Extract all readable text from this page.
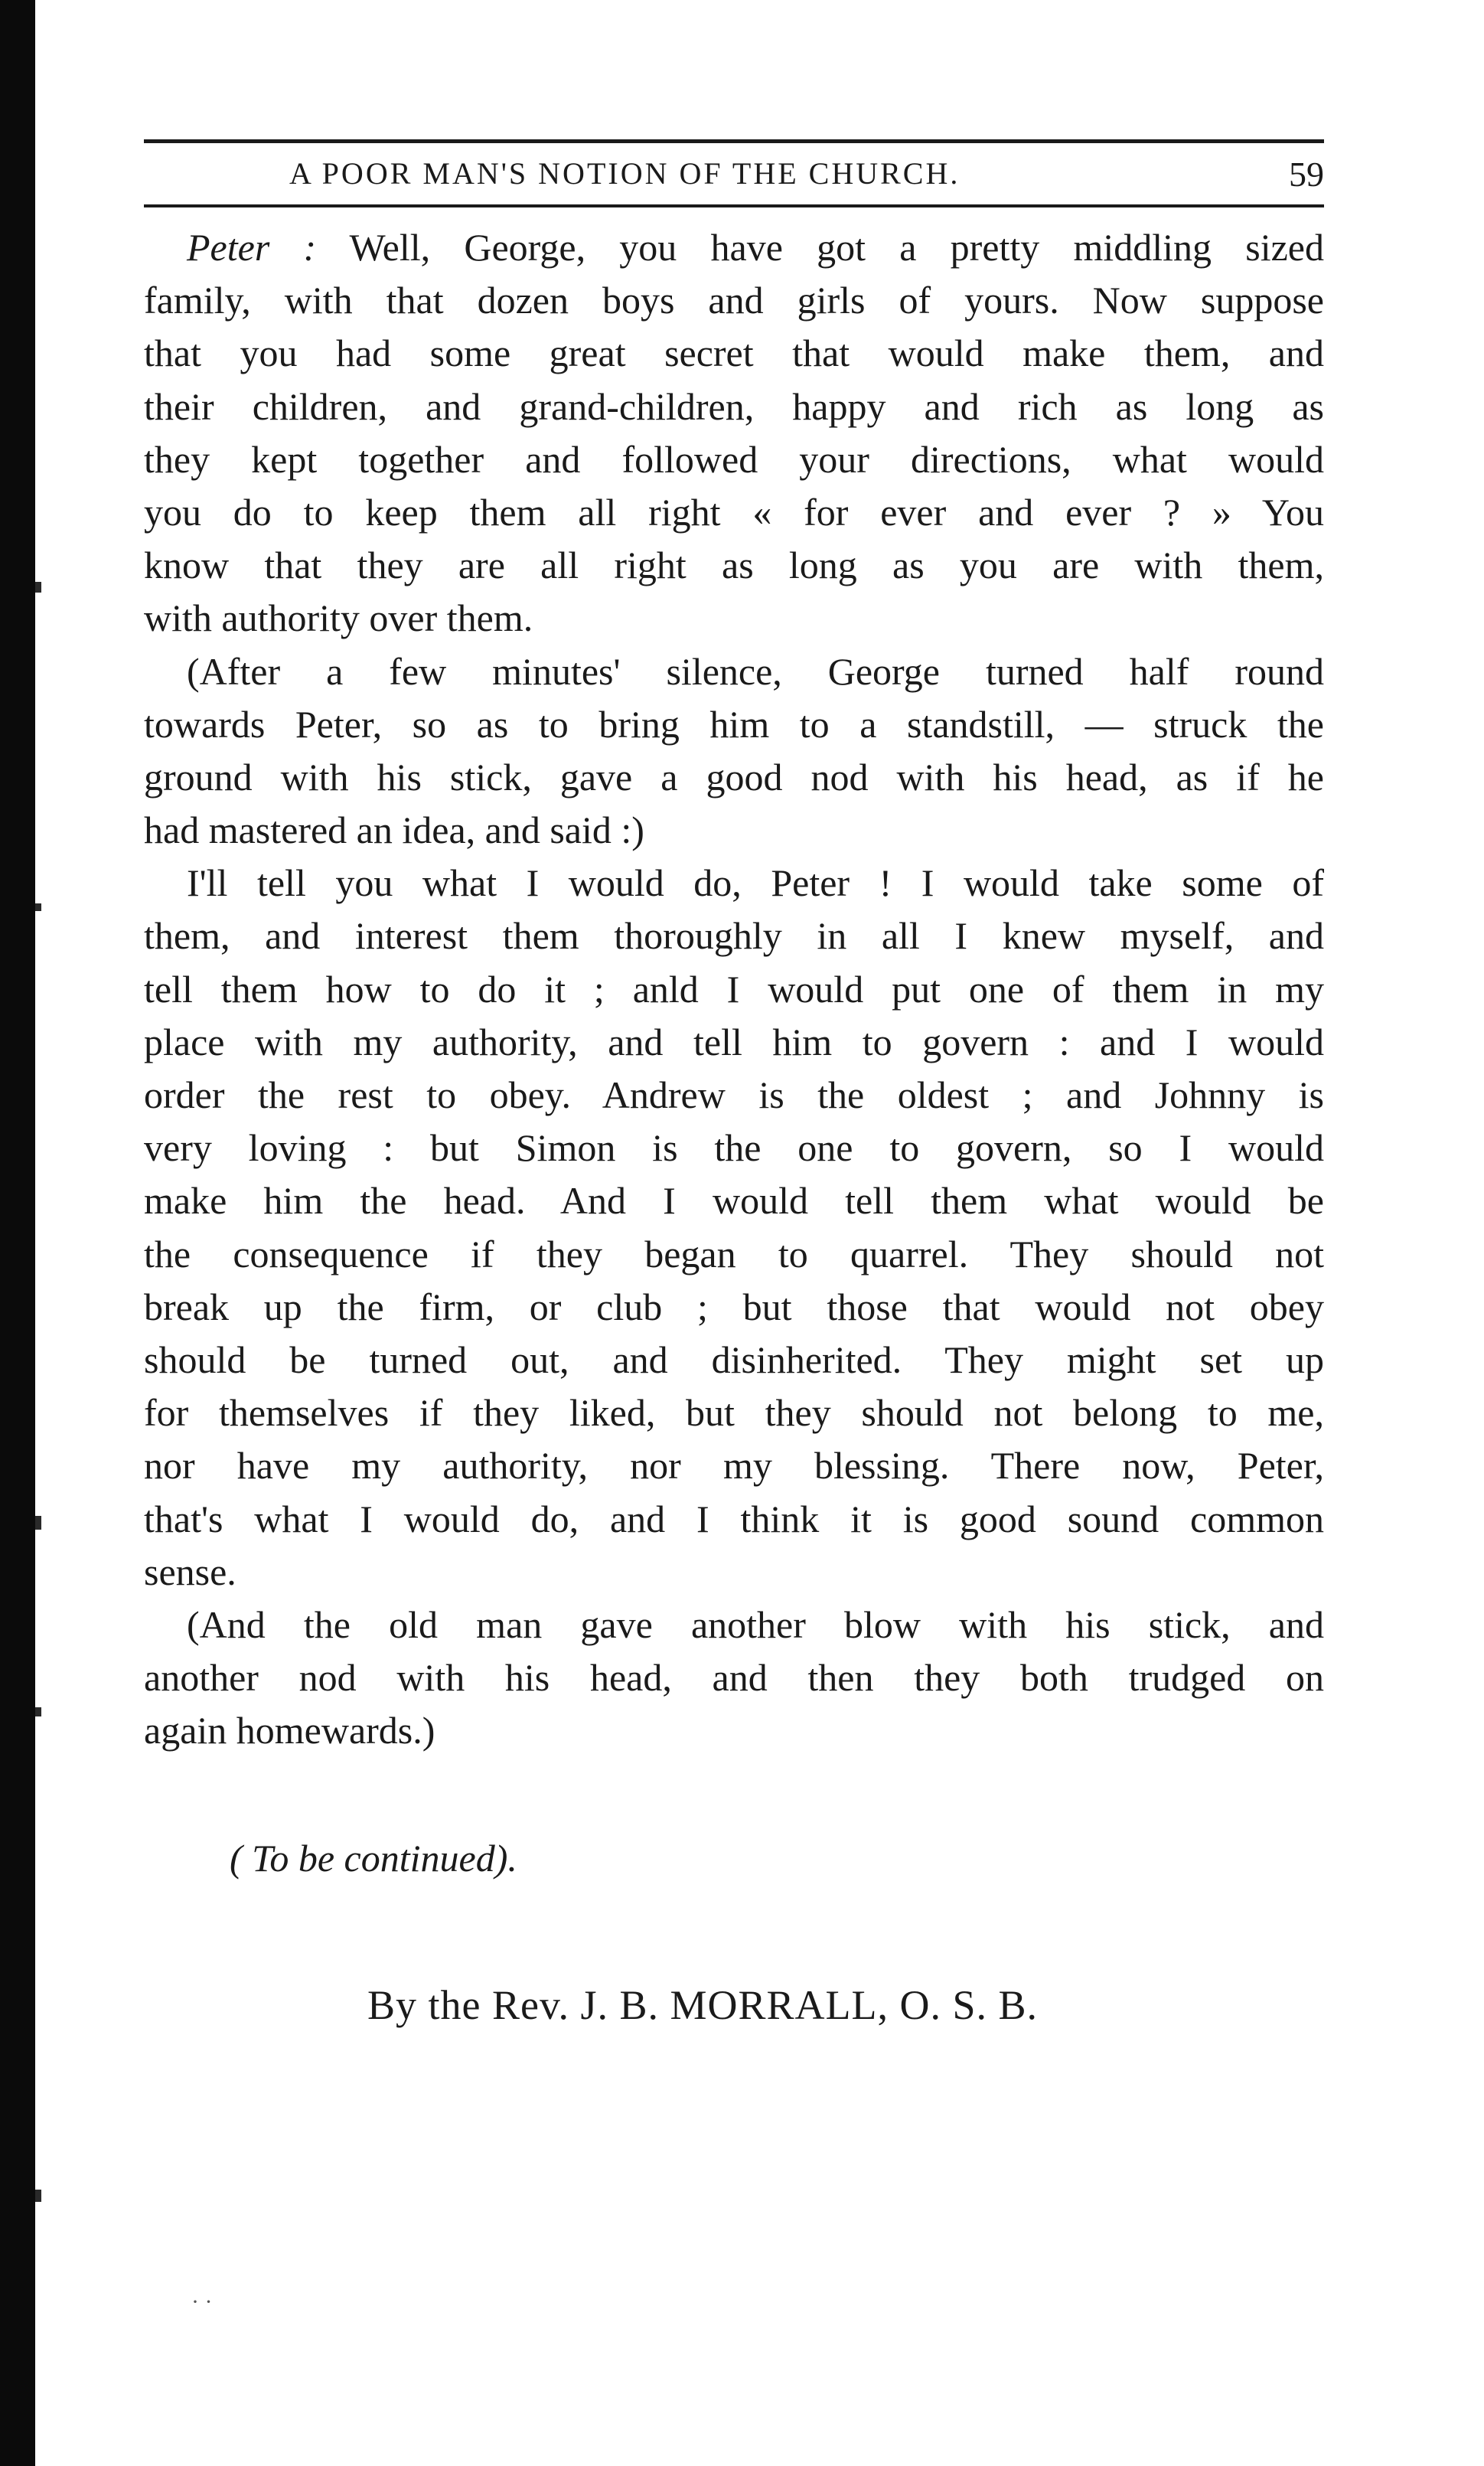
A POOR MAN'S NOTION OF THE CHURCH.	59
Peter : Well, George, you have got a pretty middling sized
family, with that dozen boys and girls of yours. Now suppose
that you had some great secret that would make them, and
their children, and grand-children, happy and rich as long as
they kept together and followed your directions, what would
you do to keep them all right « for ever and ever ? » You
know that they are all right as long as you are with them,
with authority over them.
(After a few minutes' silence, George turned half round
towards Peter, so as to bring him to a standstill, — struck the
ground with his stick, gave a good nod with his head, as if he
had mastered an idea, and said :)
I'll tell you what I would do, Peter ! I would take some of
them, and interest them thoroughly in all I knew myself, and
tell them how to do it ; anld I would put one of them in my
place with my authority, and tell him to govern : and I would
order the rest to obey. Andrew is the oldest ; and Johnny is
very loving : but Simon is the one to govern, so I would
make him the head. And I would tell them what would be
the consequence if they began to quarrel. They should not
break up the firm, or club ; but those that would not obey
should be turned out, and disinherited. They might set up
for themselves if they liked, but they should not belong to me,
nor have my authority, nor my blessing. There now, Peter,
that's what I would do, and I think it is good sound common
sense.
(And the old man gave another blow with his stick, and
another nod with his head, and then they both trudged on
again homewards.)
( To be continued).
By the Rev. J. B. MORRALL, O. S. B.
· ·
